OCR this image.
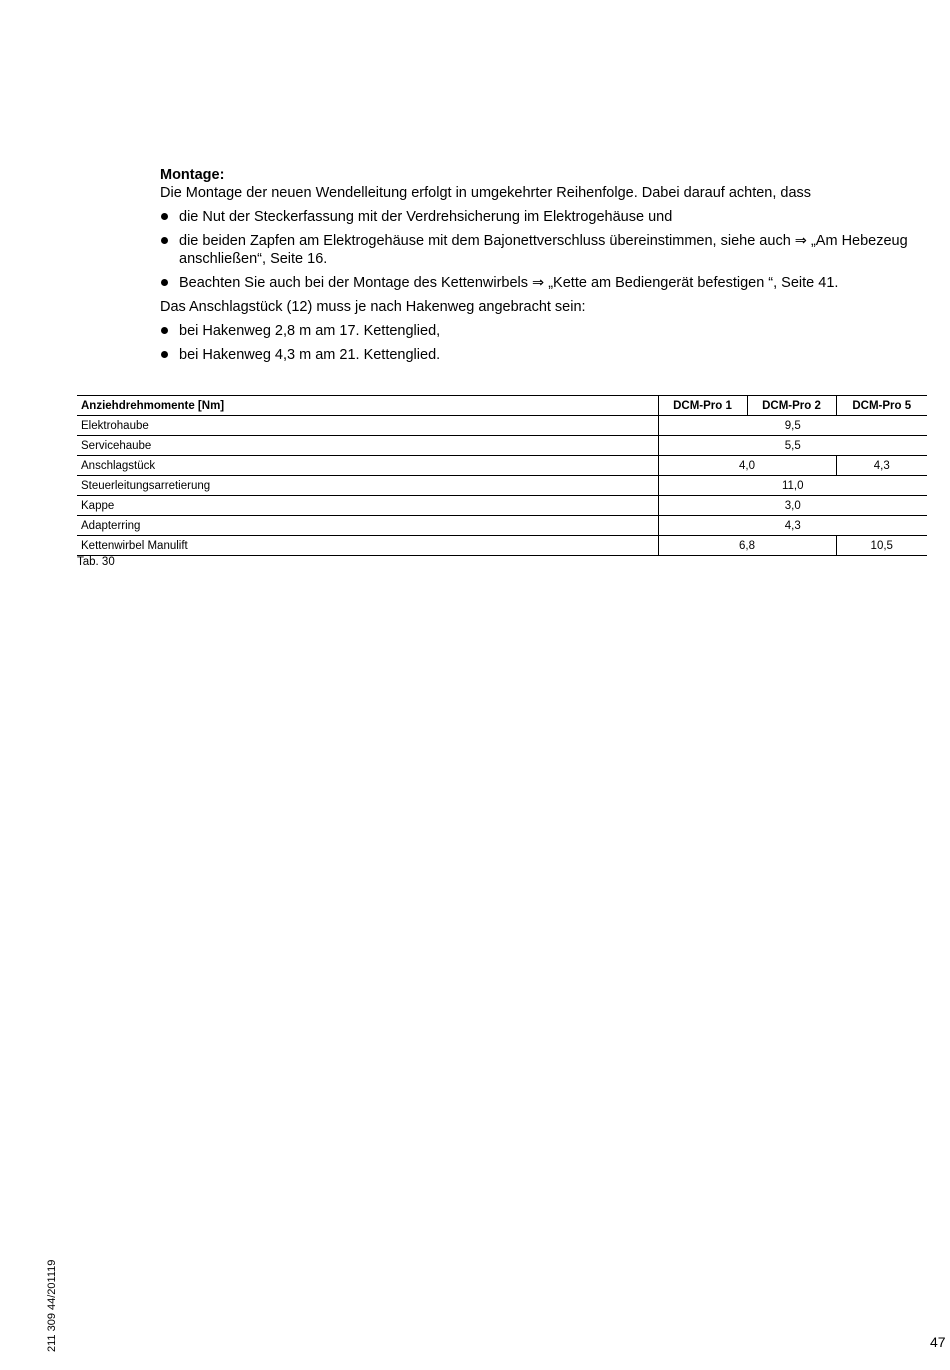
Montage:
Die Montage der neuen Wendelleitung erfolgt in umgekehrter Reihenfolge. Dabei darauf achten, dass
die Nut der Steckerfassung mit der Verdrehsicherung im Elektrogehäuse und
die beiden Zapfen am Elektrogehäuse mit dem Bajonettverschluss übereinstimmen, siehe auch ⇒ „Am Hebezeug anschließen“, Seite 16.
Beachten Sie auch bei der Montage des Kettenwirbels ⇒ „Kette am Bediengerät befestigen “, Seite 41.
Das Anschlagstück (12) muss je nach Hakenweg angebracht sein:
bei Hakenweg 2,8 m am 17. Kettenglied,
bei Hakenweg 4,3 m am 21. Kettenglied.
Anziehdrehmomente [Nm]	DCM-Pro 1	DCM-Pro 2	DCM-Pro 5
Elektrohaube	9,5		
Servicehaube	5,5		
Anschlagstück	4,0		4,3
Steuerleitungsarretierung	11,0		
Kappe	3,0		
Adapterring	4,3		
Kettenwirbel Manulift	6,8		10,5
Tab. 30
211 309 44/201119	47
